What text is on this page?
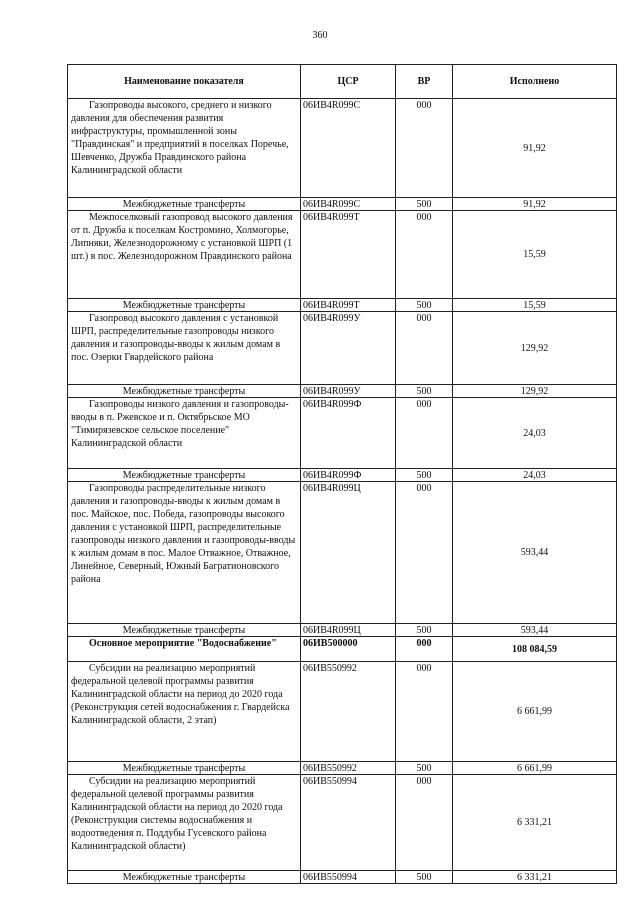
360
Наименование показателя	ЦСР	ВР	Исполнено
Газопроводы высокого, среднего и низкого давления для обеспечения развития инфраструктуры, промышленной зоны "Правдинская" и предприятий в поселках Поречье, Шевченко, Дружба Правдинского района Калининградской области	06ИВ4R099С	000	91,92
Межбюджетные трансферты	06ИВ4R099С	500	91,92
Межпоселковый газопровод высокого давления от п. Дружба к поселкам Костромино, Холмогорье, Липняки, Железнодорожному с установкой ШРП (1 шт.) в пос. Железнодорожном Правдинского района	06ИВ4R099Т	000	15,59
Межбюджетные трансферты	06ИВ4R099Т	500	15,59
Газопровод высокого давления с установкой ШРП, распределительные газопроводы низкого давления и газопроводы-вводы к жилым домам в пос. Озерки Гвардейского района	06ИВ4R099У	000	129,92
Межбюджетные трансферты	06ИВ4R099У	500	129,92
Газопроводы низкого давления и газопроводы-вводы в п. Ржевское и п. Октябрьское МО "Тимирязевское сельское поселение" Калининградской области	06ИВ4R099Ф	000	24,03
Межбюджетные трансферты	06ИВ4R099Ф	500	24,03
Газопроводы распределительные низкого давления и газопроводы-вводы к жилым домам в пос. Майское, пос. Победа, газопроводы высокого давления с установкой ШРП, распределительные газопроводы низкого давления и газопроводы-вводы к жилым домам в пос. Малое Отважное, Отважное, Линейное, Северный, Южный Багратионовского района	06ИВ4R099Ц	000	593,44
Межбюджетные трансферты	06ИВ4R099Ц	500	593,44
Основное мероприятие "Водоснабжение"	06ИВ500000	000	108 084,59
Субсидии на реализацию мероприятий федеральной целевой программы развития Калининградской области на период до 2020 года (Реконструкция сетей водоснабжения г. Гвардейска Калининградской области, 2 этап)	06ИВ550992	000	6 661,99
Межбюджетные трансферты	06ИВ550992	500	6 661,99
Субсидии на реализацию мероприятий федеральной целевой программы развития Калининградской области на период до 2020 года (Реконструкция системы водоснабжения и водоотведения п. Поддубы Гусевского района Калининградской области)	06ИВ550994	000	6 331,21
Межбюджетные трансферты	06ИВ550994	500	6 331,21
